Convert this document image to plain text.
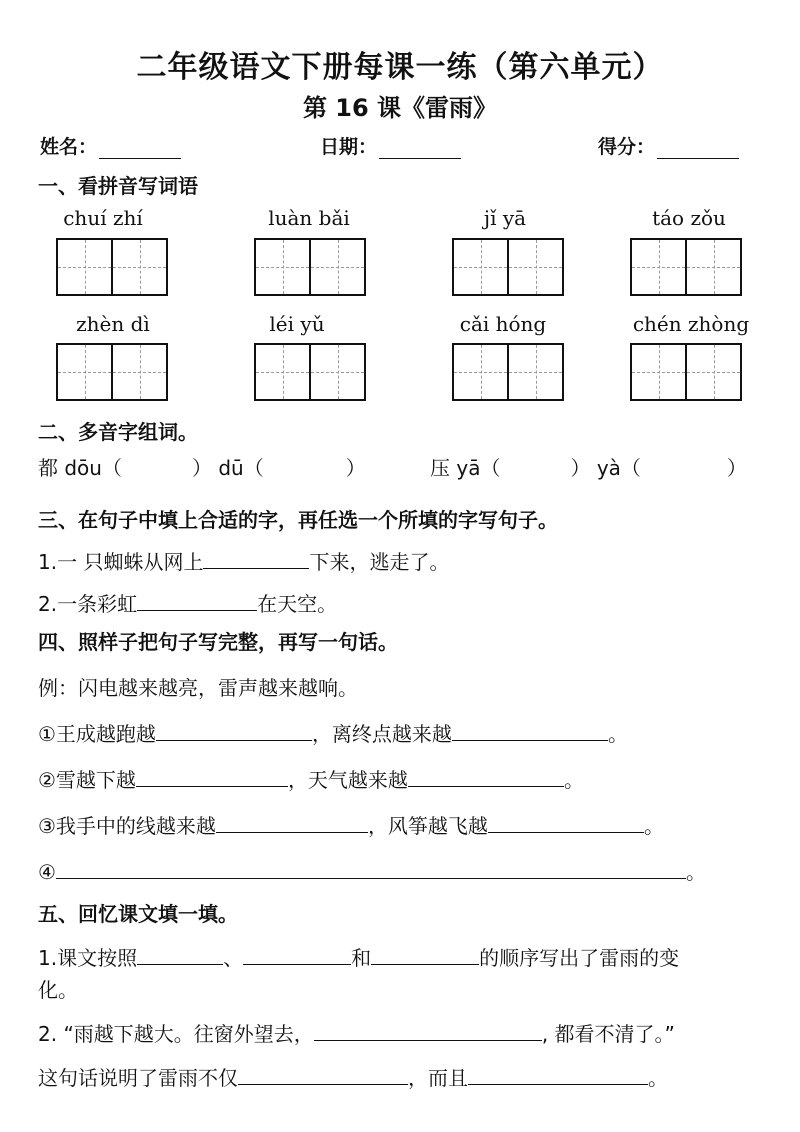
二年级语文下册每课一练（第六单元）
第 16 课《雷雨》
姓名：	日期：	得分：
一、看拼音写词语
chuí zhí	luàn bǎi	jǐ yā	táo zǒu
zhèn dì	léi yǔ	cǎi hóng	chén zhòng
二、多音字组词。
都 dōu（	） dū（	）	压 yā（	） yà（	）
三、在句子中填上合适的字，再任选一个所填的字写句子。
1.一 只蜘蛛从网上	下来，逃走了。
2.一条彩虹	在天空。
四、照样子把句子写完整，再写一句话。
例：闪电越来越亮，雷声越来越响。
①王成越跑越	，离终点越来越	。
②雪越下越	，天气越来越	。
③我手中的线越来越	，风筝越飞越	。
④	。
五、回忆课文填一填。
1.课文按照	、	和	的顺序写出了雷雨的变
化。
2. “雨越下越大。往窗外望去，	, 都看不清了。”
这句话说明了雷雨不仅	，而且	。
